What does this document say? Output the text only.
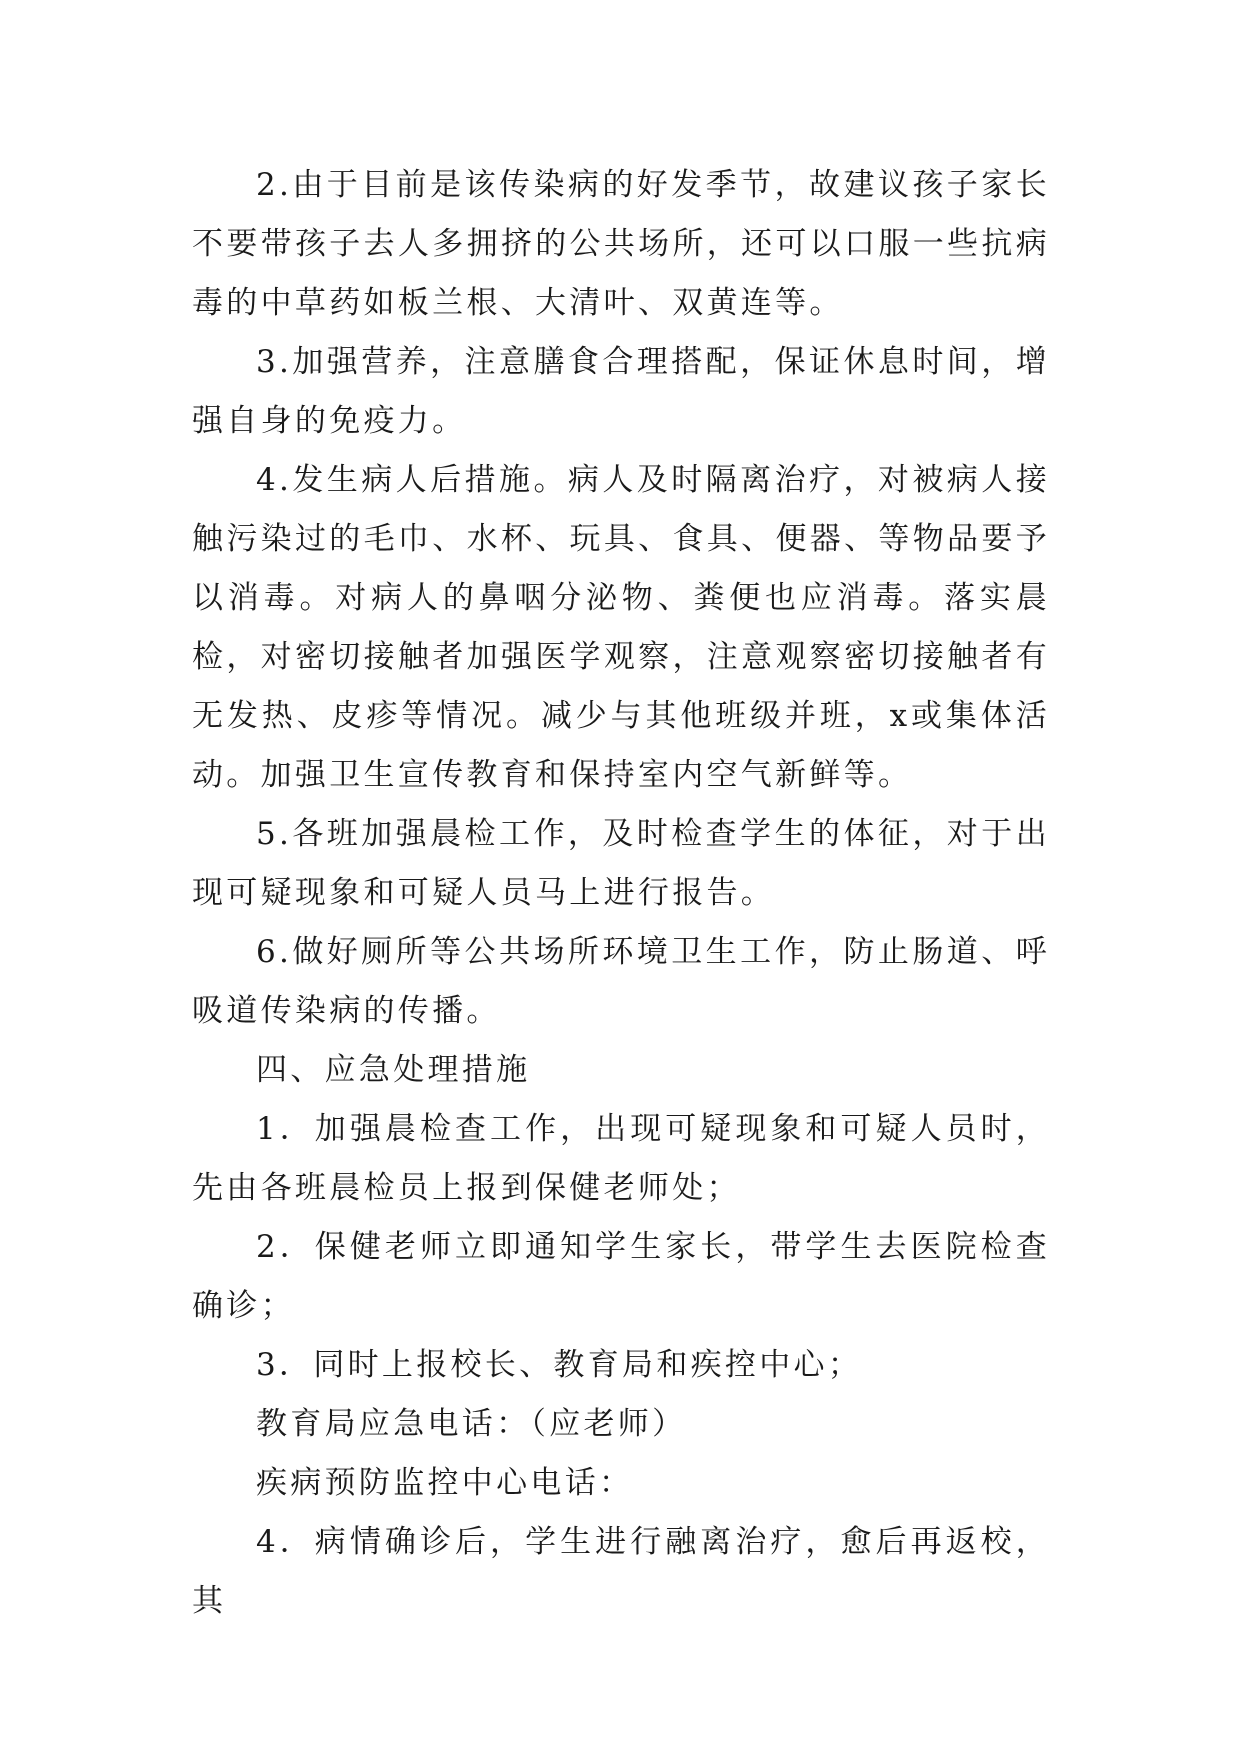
2.由于目前是该传染病的好发季节，故建议孩子家长不要带孩子去人多拥挤的公共场所，还可以口服一些抗病毒的中草药如板兰根、大清叶、双黄连等。

3.加强营养，注意膳食合理搭配，保证休息时间，增强自身的免疫力。

4.发生病人后措施。病人及时隔离治疗，对被病人接触污染过的毛巾、水杯、玩具、食具、便器、等物品要予以消毒。对病人的鼻咽分泌物、粪便也应消毒。落实晨检，对密切接触者加强医学观察，注意观察密切接触者有无发热、皮疹等情况。减少与其他班级并班，x或集体活动。加强卫生宣传教育和保持室内空气新鲜等。

5.各班加强晨检工作，及时检查学生的体征，对于出现可疑现象和可疑人员马上进行报告。

6.做好厕所等公共场所环境卫生工作，防止肠道、呼吸道传染病的传播。

四、应急处理措施

1．加强晨检查工作，出现可疑现象和可疑人员时，先由各班晨检员上报到保健老师处；

2．保健老师立即通知学生家长，带学生去医院检查确诊；

3．同时上报校长、教育局和疾控中心；

教育局应急电话：（应老师）

疾病预防监控中心电话：

4．病情确诊后，学生进行融离治疗，愈后再返校，其
